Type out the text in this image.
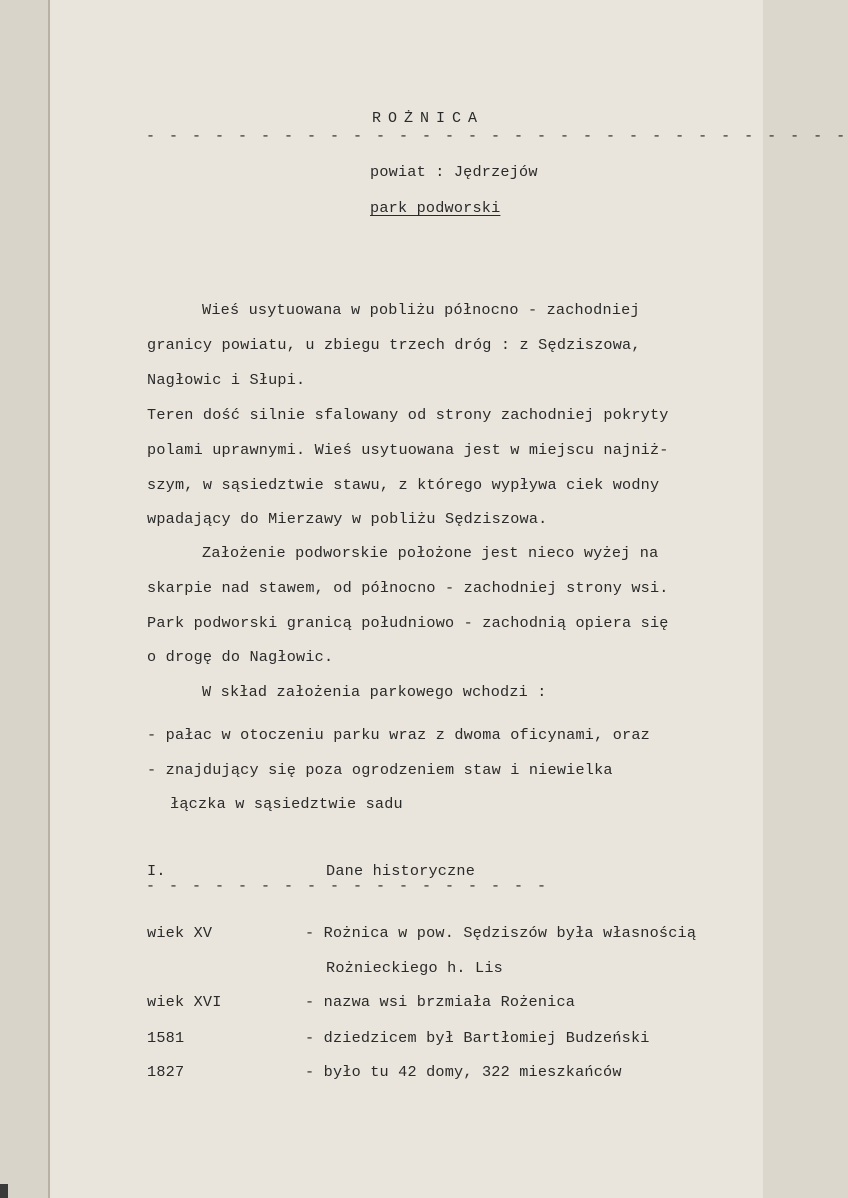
ROŻNICA
- - - - - - - - - - - - - - - - - - - - - - - - - - - - - - -
powiat : Jędrzejów
park podworski
Wieś usytuowana w pobliżu północno - zachodniej
granicy powiatu, u zbiegu trzech dróg : z Sędziszowa,
Nagłowic i Słupi.
Teren dość silnie sfalowany od strony zachodniej pokryty
polami uprawnymi. Wieś usytuowana jest w miejscu najniż-
szym, w sąsiedztwie stawu, z którego wypływa ciek wodny
wpadający do Mierzawy w pobliżu Sędziszowa.
Założenie podworskie położone jest nieco wyżej na
skarpie nad stawem, od północno - zachodniej strony wsi.
Park podworski granicą południowo - zachodnią opiera się
o drogę do Nagłowic.
W skład założenia parkowego wchodzi :
- pałac w otoczeniu parku wraz z dwoma oficynami, oraz
- znajdujący się poza ogrodzeniem staw i niewielka
łączka w sąsiedztwie sadu
I.	Dane historyczne
- - - - - - - - - - - - - - - - - -
wiek XV	- Rożnica w pow. Sędziszów była własnością
Rożnieckiego h. Lis
wiek XVI	- nazwa wsi brzmiała Rożenica
1581	- dziedzicem był Bartłomiej Budzeński
1827	- było tu 42 domy, 322 mieszkańców
